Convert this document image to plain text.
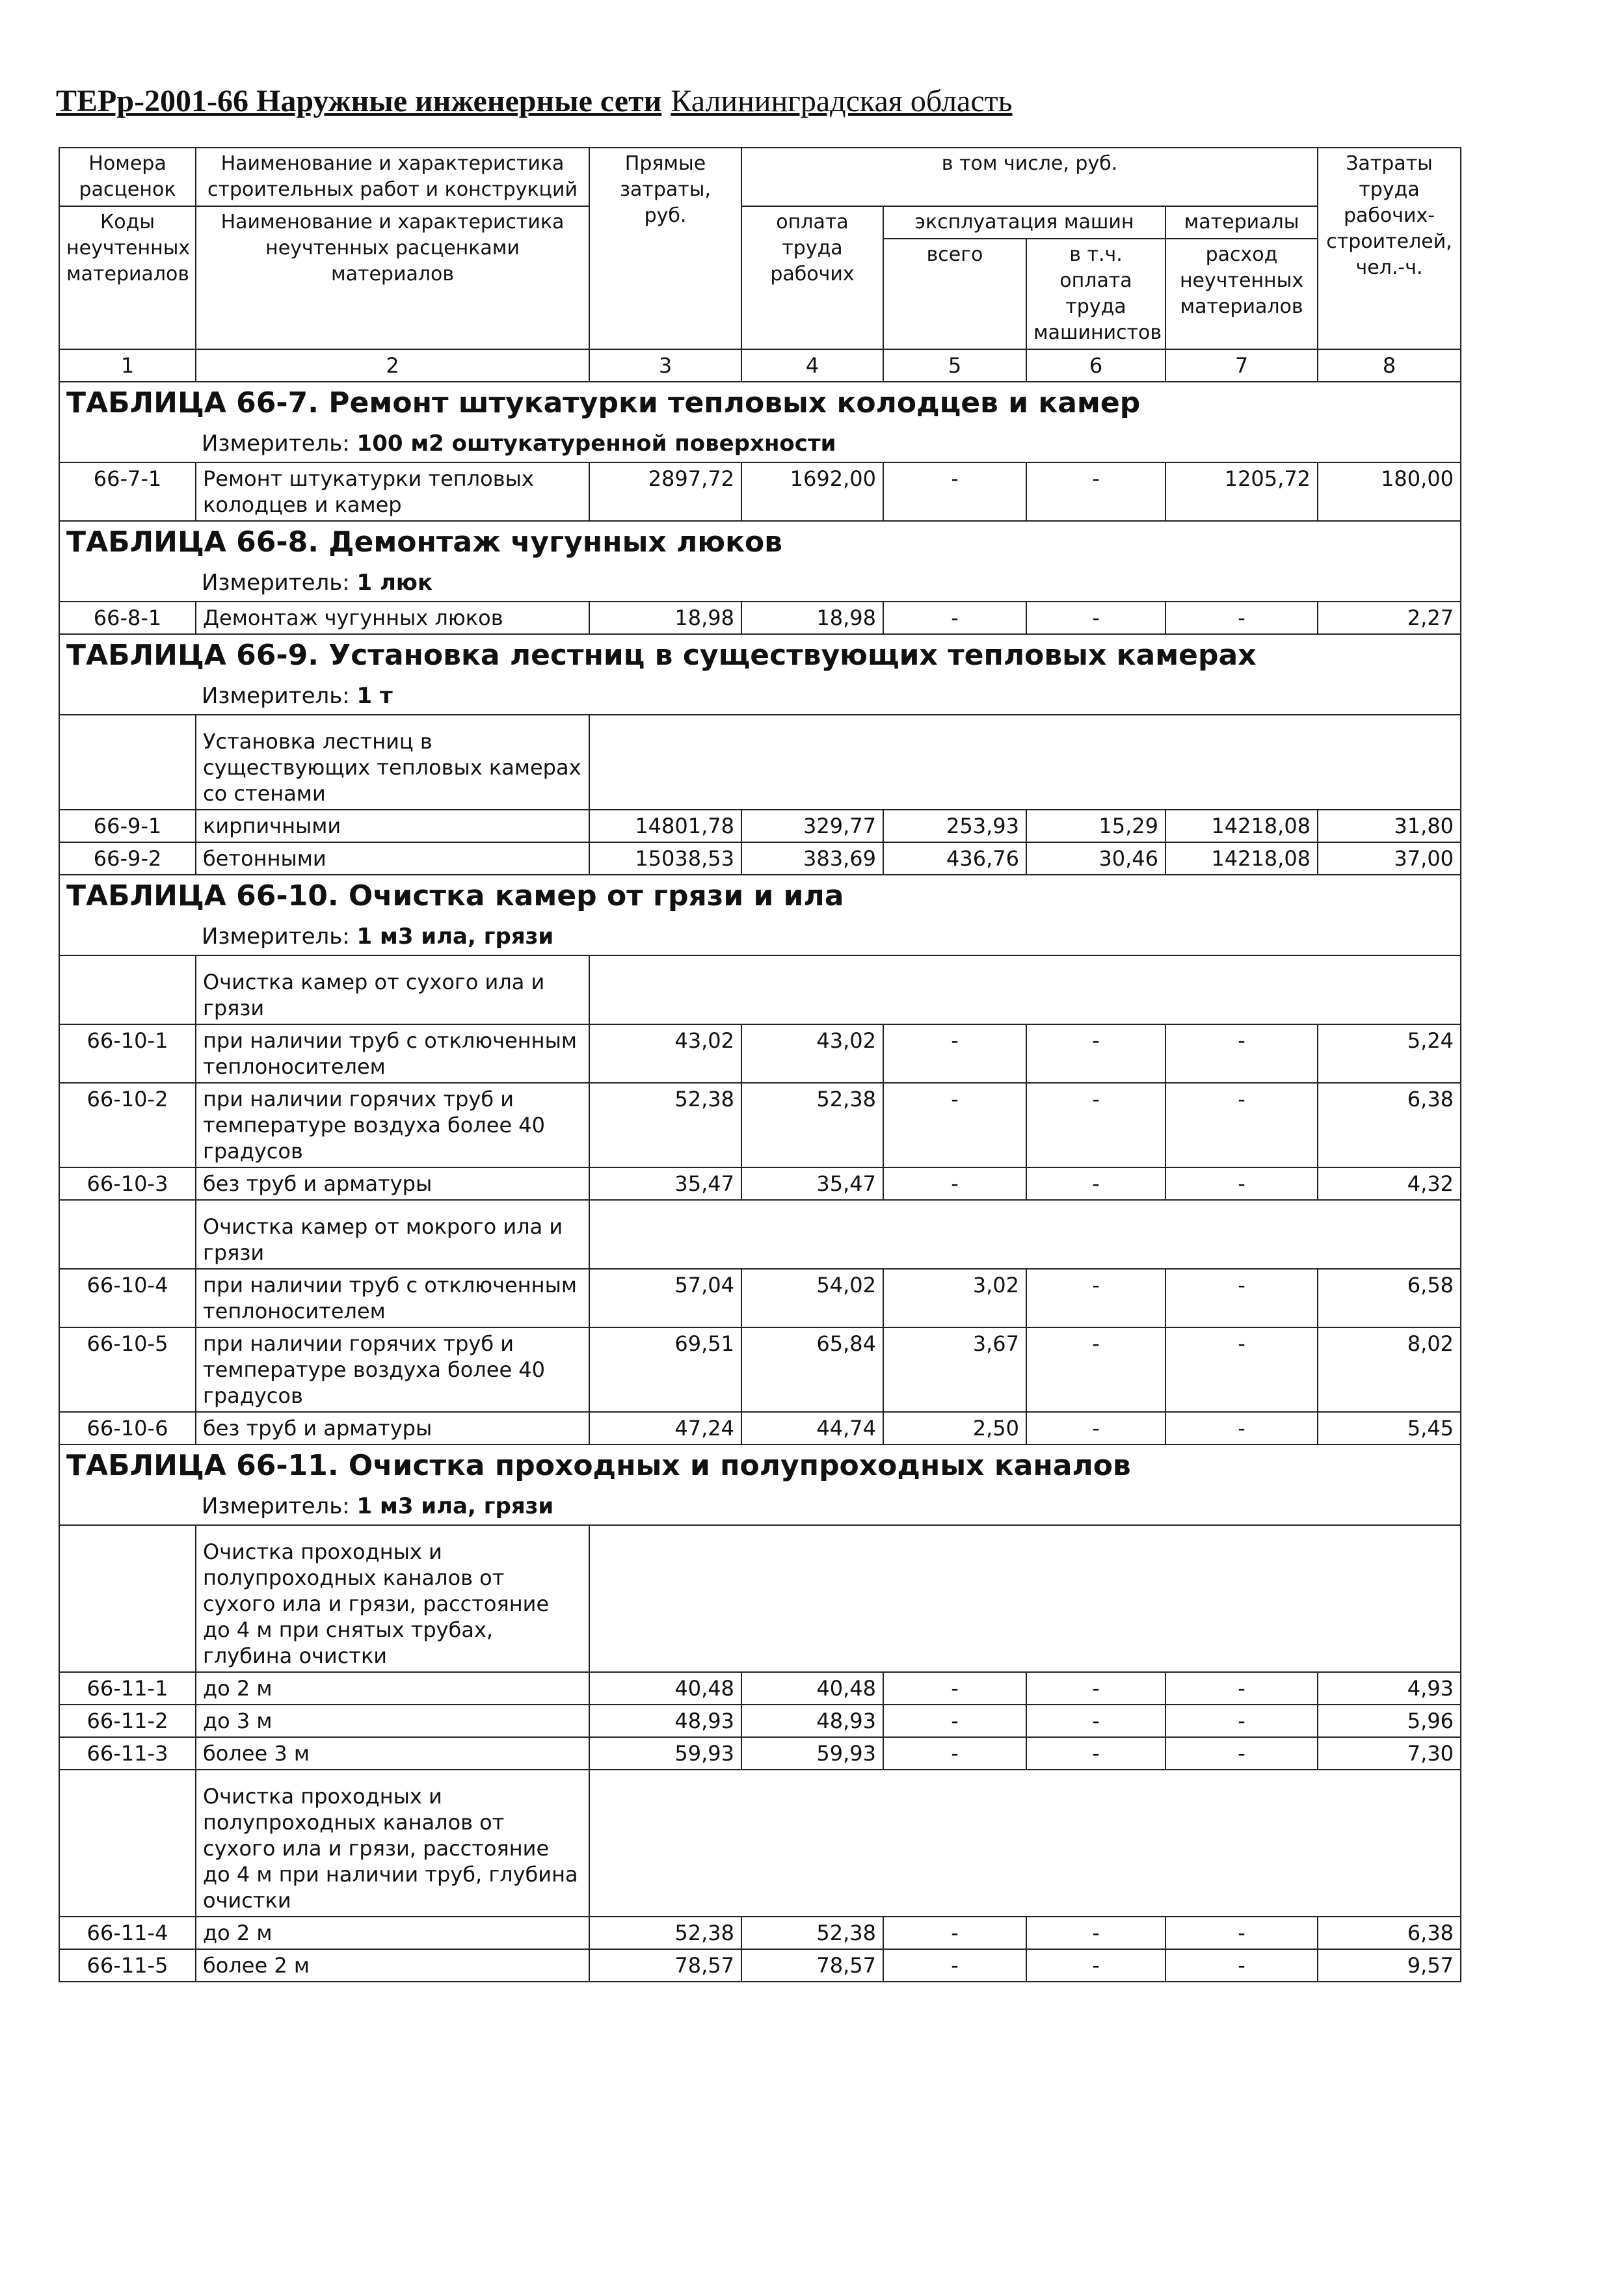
ТЕРр-2001-66 Наружные инженерные сети Калининградская область
Номера расценок	Наименование и характеристика строительных работ и конструкций	Прямые затраты, руб.	в том числе, руб.				Затраты труда рабочих-строителей, чел.-ч.
Коды неучтенных материалов	Наименование и характеристика неучтенных расценками материалов		оплата труда рабочих	эксплуатация машин		материалы	
				всего	в т.ч. оплата труда машинистов	расход неучтенных материалов	
1	2	3	4	5	6	7	8

ТАБЛИЦА 66-7. Ремонт штукатурки тепловых колодцев и камер
Измеритель: 100 м2 оштукатуренной поверхности							

66-7-1	Ремонт штукатурки тепловых колодцев и камер	2897,72	1692,00	-	-	1205,72	180,00

ТАБЛИЦА 66-8. Демонтаж чугунных люков
Измеритель: 1 люк							

66-8-1	Демонтаж чугунных люков	18,98	18,98	-	-	-	2,27

ТАБЛИЦА 66-9. Установка лестниц в существующих тепловых камерах
Измеритель: 1 т							

	Установка лестниц в существующих тепловых камерах со стенами						
66-9-1	кирпичными	14801,78	329,77	253,93	15,29	14218,08	31,80
66-9-2	бетонными	15038,53	383,69	436,76	30,46	14218,08	37,00

ТАБЛИЦА 66-10. Очистка камер от грязи и ила
Измеритель: 1 м3 ила, грязи							

	Очистка камер от сухого ила и грязи						
66-10-1	при наличии труб с отключенным теплоносителем	43,02	43,02	-	-	-	5,24
66-10-2	при наличии горячих труб и температуре воздуха более 40 градусов	52,38	52,38	-	-	-	6,38
66-10-3	без труб и арматуры	35,47	35,47	-	-	-	4,32
	Очистка камер от мокрого ила и грязи						
66-10-4	при наличии труб с отключенным теплоносителем	57,04	54,02	3,02	-	-	6,58
66-10-5	при наличии горячих труб и температуре воздуха более 40 градусов	69,51	65,84	3,67	-	-	8,02
66-10-6	без труб и арматуры	47,24	44,74	2,50	-	-	5,45

ТАБЛИЦА 66-11. Очистка проходных и полупроходных каналов
Измеритель: 1 м3 ила, грязи							

	Очистка проходных и полупроходных каналов от сухого ила и грязи, расстояние до 4 м при снятых трубах, глубина очистки						
66-11-1	до 2 м	40,48	40,48	-	-	-	4,93
66-11-2	до 3 м	48,93	48,93	-	-	-	5,96
66-11-3	более 3 м	59,93	59,93	-	-	-	7,30
	Очистка проходных и полупроходных каналов от сухого ила и грязи, расстояние до 4 м при наличии труб, глубина очистки						
66-11-4	до 2 м	52,38	52,38	-	-	-	6,38
66-11-5	более 2 м	78,57	78,57	-	-	-	9,57
